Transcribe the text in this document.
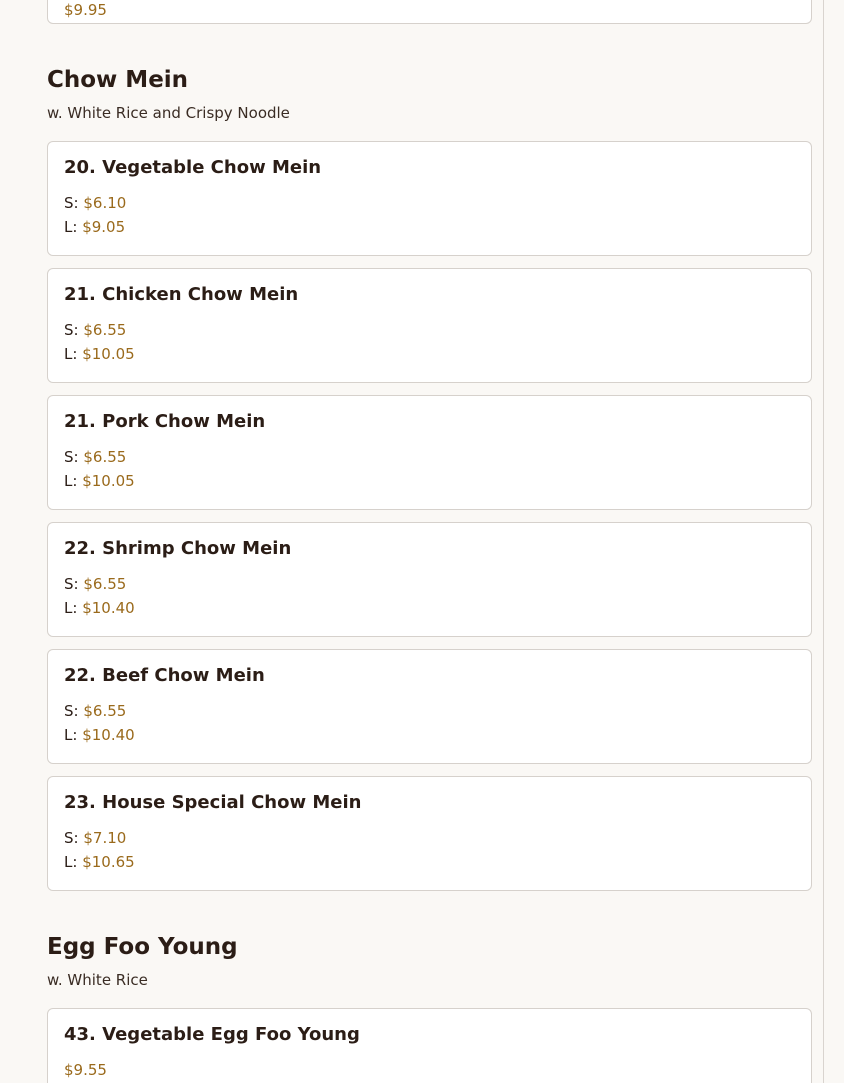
$9.95
Chow Mein
w. White Rice and Crispy Noodle
20. Vegetable Chow Mein
S: $6.10
L: $9.05
21. Chicken Chow Mein
S: $6.55
L: $10.05
21. Pork Chow Mein
S: $6.55
L: $10.05
22. Shrimp Chow Mein
S: $6.55
L: $10.40
22. Beef Chow Mein
S: $6.55
L: $10.40
23. House Special Chow Mein
S: $7.10
L: $10.65
Egg Foo Young
w. White Rice
43. Vegetable Egg Foo Young
$9.55
